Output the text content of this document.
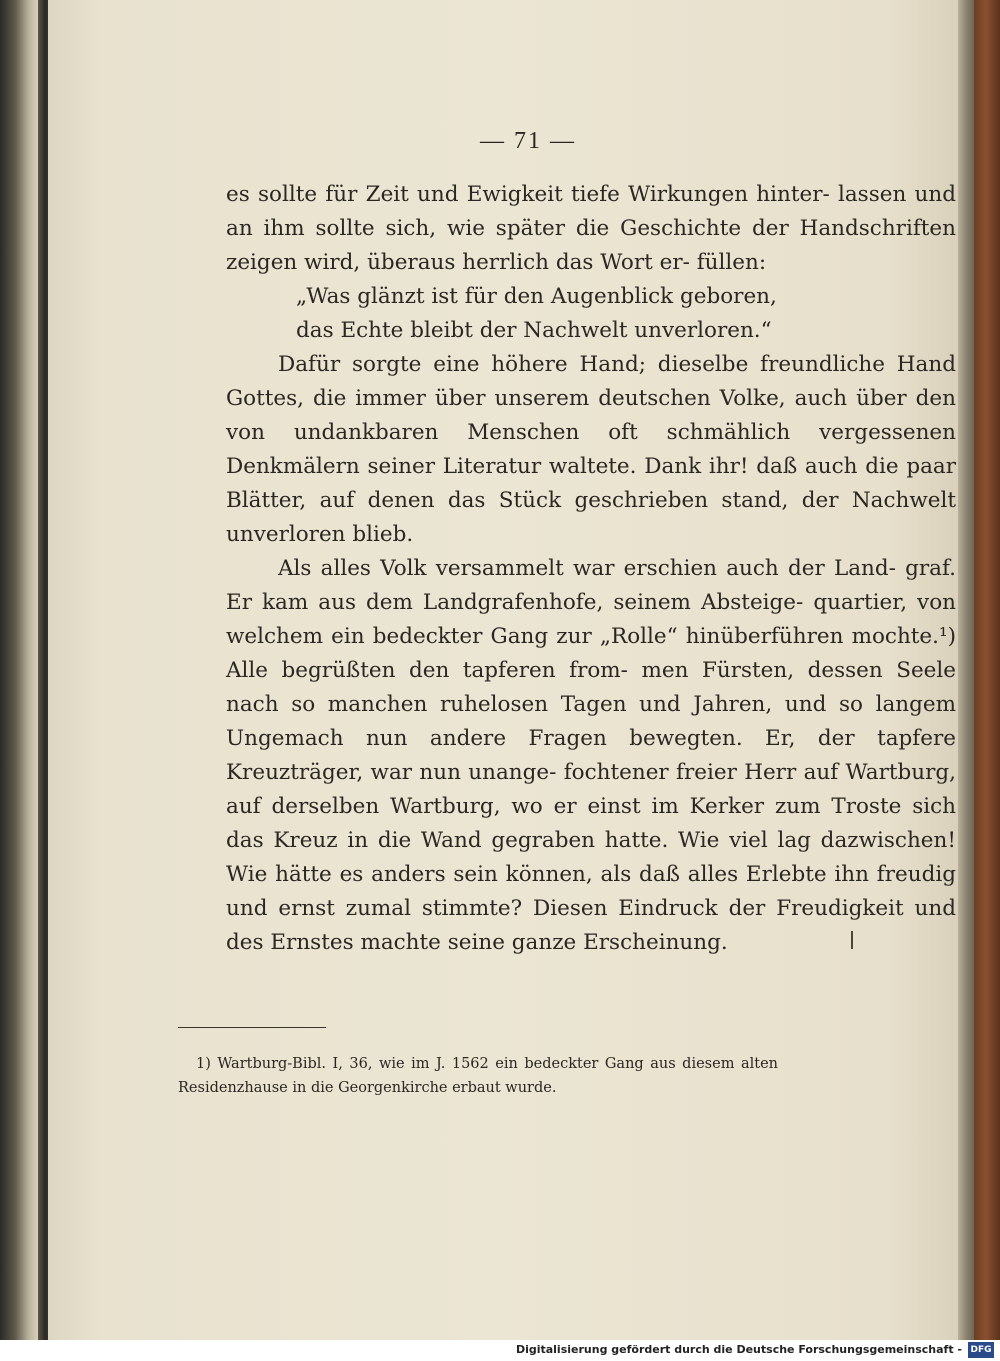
— 71 —

es sollte für Zeit und Ewigkeit tiefe Wirkungen hinter- lassen und an ihm sollte sich, wie später die Geschichte der Handschriften zeigen wird, überaus herrlich das Wort er- füllen:

„Was glänzt ist für den Augenblick geboren,

das Echte bleibt der Nachwelt unverloren.“

Dafür sorgte eine höhere Hand; dieselbe freundliche Hand Gottes, die immer über unserem deutschen Volke, auch über den von undankbaren Menschen oft schmählich vergessenen Denkmälern seiner Literatur waltete. Dank ihr! daß auch die paar Blätter, auf denen das Stück geschrieben stand, der Nachwelt unverloren blieb.

Als alles Volk versammelt war erschien auch der Land- graf. Er kam aus dem Landgrafenhofe, seinem Absteige- quartier, von welchem ein bedeckter Gang zur „Rolle“ hinüberführen mochte.¹) Alle begrüßten den tapferen from- men Fürsten, dessen Seele nach so manchen ruhelosen Tagen und Jahren, und so langem Ungemach nun andere Fragen bewegten. Er, der tapfere Kreuzträger, war nun unange- fochtener freier Herr auf Wartburg, auf derselben Wartburg, wo er einst im Kerker zum Troste sich das Kreuz in die Wand gegraben hatte. Wie viel lag dazwischen! Wie hätte es anders sein können, als daß alles Erlebte ihn freudig und ernst zumal stimmte? Diesen Eindruck der Freudigkeit und des Ernstes machte seine ganze Erscheinung.

1) Wartburg-Bibl. I, 36, wie im J. 1562 ein bedeckter Gang aus diesem alten Residenzhause in die Georgenkirche erbaut wurde.
Digitalisierung gefördert durch die Deutsche Forschungsgemeinschaft - DFG
